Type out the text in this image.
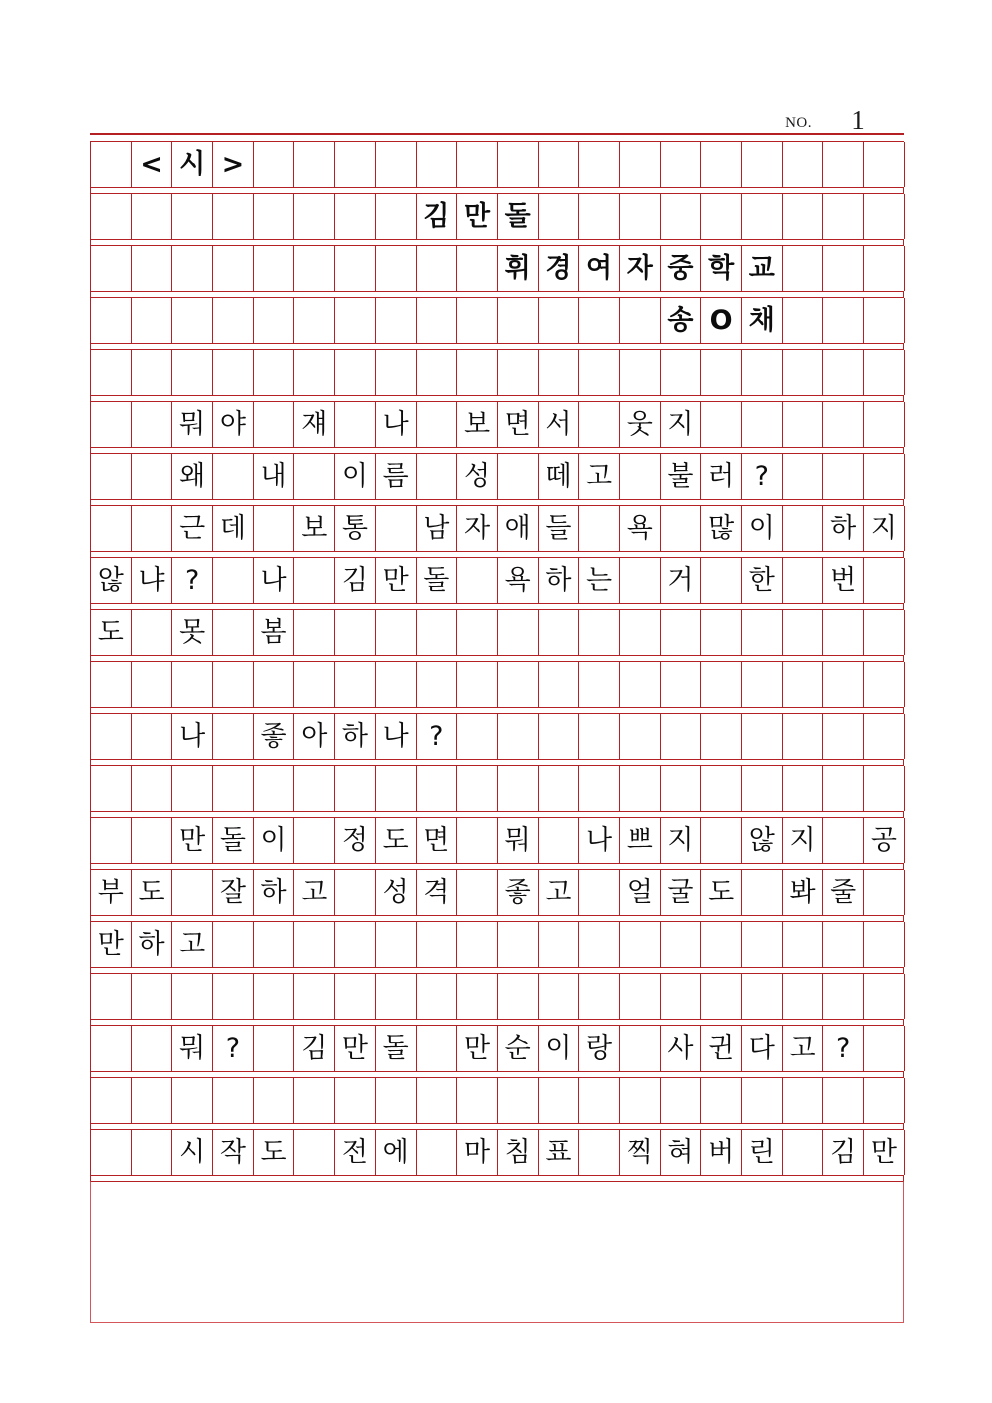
NO.	1
< 시 >
김 만 돌
휘 경 여 자 중 학 교
송 O 채
뭐 야 쟤 나 보 면 서 웃 지
왜 내 이 름 성 떼 고 불 러 ?
근 데 보 통 남 자 애 들 욕 많 이 하 지
않 냐 ?	나 김 만 돌 욕 하 는 거 한 번
도 못 봄
나 좋 아 하 나 ?
만 돌 이 정 도 면 뭐 나 쁘 지 않 지 공
부 도 잘 하 고 성 격 좋 고 얼 굴 도 봐 줄
만 하 고
뭐 ?	김 만 돌 만 순 이 랑 사 귄 다 고 ?
시 작 도 전 에 마 침 표 찍 혀 버 린 김 만
